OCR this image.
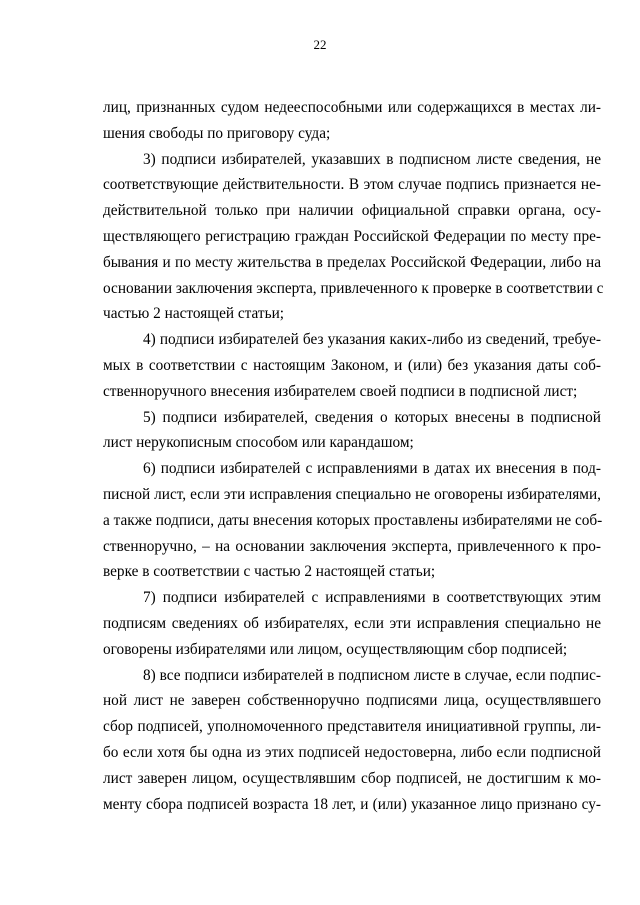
22
лиц, признанных судом недееспособными или содержащихся в местах ли-
шения свободы по приговору суда;
3) подписи избирателей, указавших в подписном листе сведения, не
соответствующие действительности. В этом случае подпись признается не-
действительной только при наличии официальной справки органа, осу-
ществляющего регистрацию граждан Российской Федерации по месту пре-
бывания и по месту жительства в пределах Российской Федерации, либо на
основании заключения эксперта, привлеченного к проверке в соответствии с
частью 2 настоящей статьи;
4) подписи избирателей без указания каких-либо из сведений, требуе-
мых в соответствии с настоящим Законом, и (или) без указания даты соб-
ственноручного внесения избирателем своей подписи в подписной лист;
5) подписи избирателей, сведения о которых внесены в подписной
лист нерукописным способом или карандашом;
6) подписи избирателей с исправлениями в датах их внесения в под-
писной лист, если эти исправления специально не оговорены избирателями,
а также подписи, даты внесения которых проставлены избирателями не соб-
ственноручно, – на основании заключения эксперта, привлеченного к про-
верке в соответствии с частью 2 настоящей статьи;
7) подписи избирателей с исправлениями в соответствующих этим
подписям сведениях об избирателях, если эти исправления специально не
оговорены избирателями или лицом, осуществляющим сбор подписей;
8) все подписи избирателей в подписном листе в случае, если подпис-
ной лист не заверен собственноручно подписями лица, осуществлявшего
сбор подписей, уполномоченного представителя инициативной группы, ли-
бо если хотя бы одна из этих подписей недостоверна, либо если подписной
лист заверен лицом, осуществлявшим сбор подписей, не достигшим к мо-
менту сбора подписей возраста 18 лет, и (или) указанное лицо признано су-
